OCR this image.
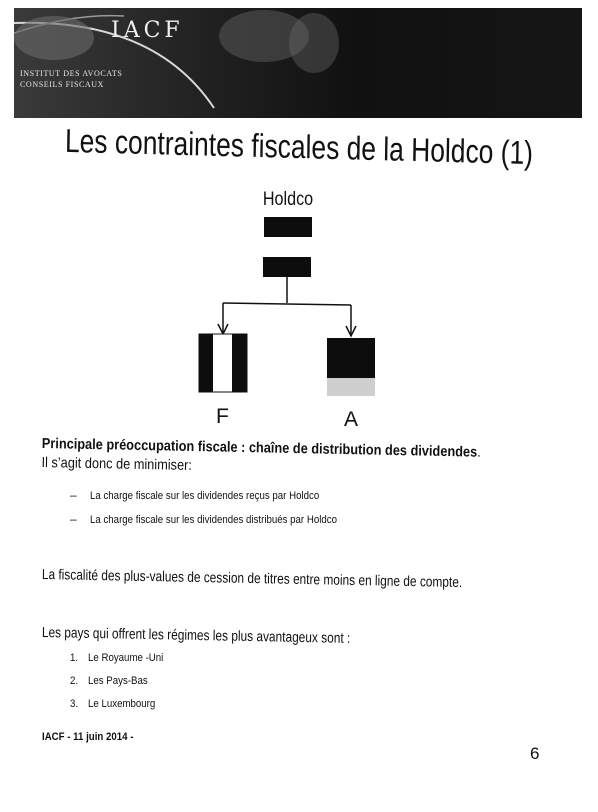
IACF
INSTITUT DES AVOCATS
CONSEILS FISCAUX
Les contraintes fiscales de la Holdco (1)
Holdco
F	A
Principale préoccupation fiscale : chaîne de distribution des dividendes. Il s’agit donc de minimiser:
– La charge fiscale sur les dividendes reçus par Holdco
– La charge fiscale sur les dividendes distribués par Holdco
La fiscalité des plus-values de cession de titres entre moins en ligne de compte.
Les pays qui offrent les régimes les plus avantageux sont :
1. Le Royaume -Uni
2. Les Pays-Bas
3. Le Luxembourg
IACF - 11 juin 2014 -
6
